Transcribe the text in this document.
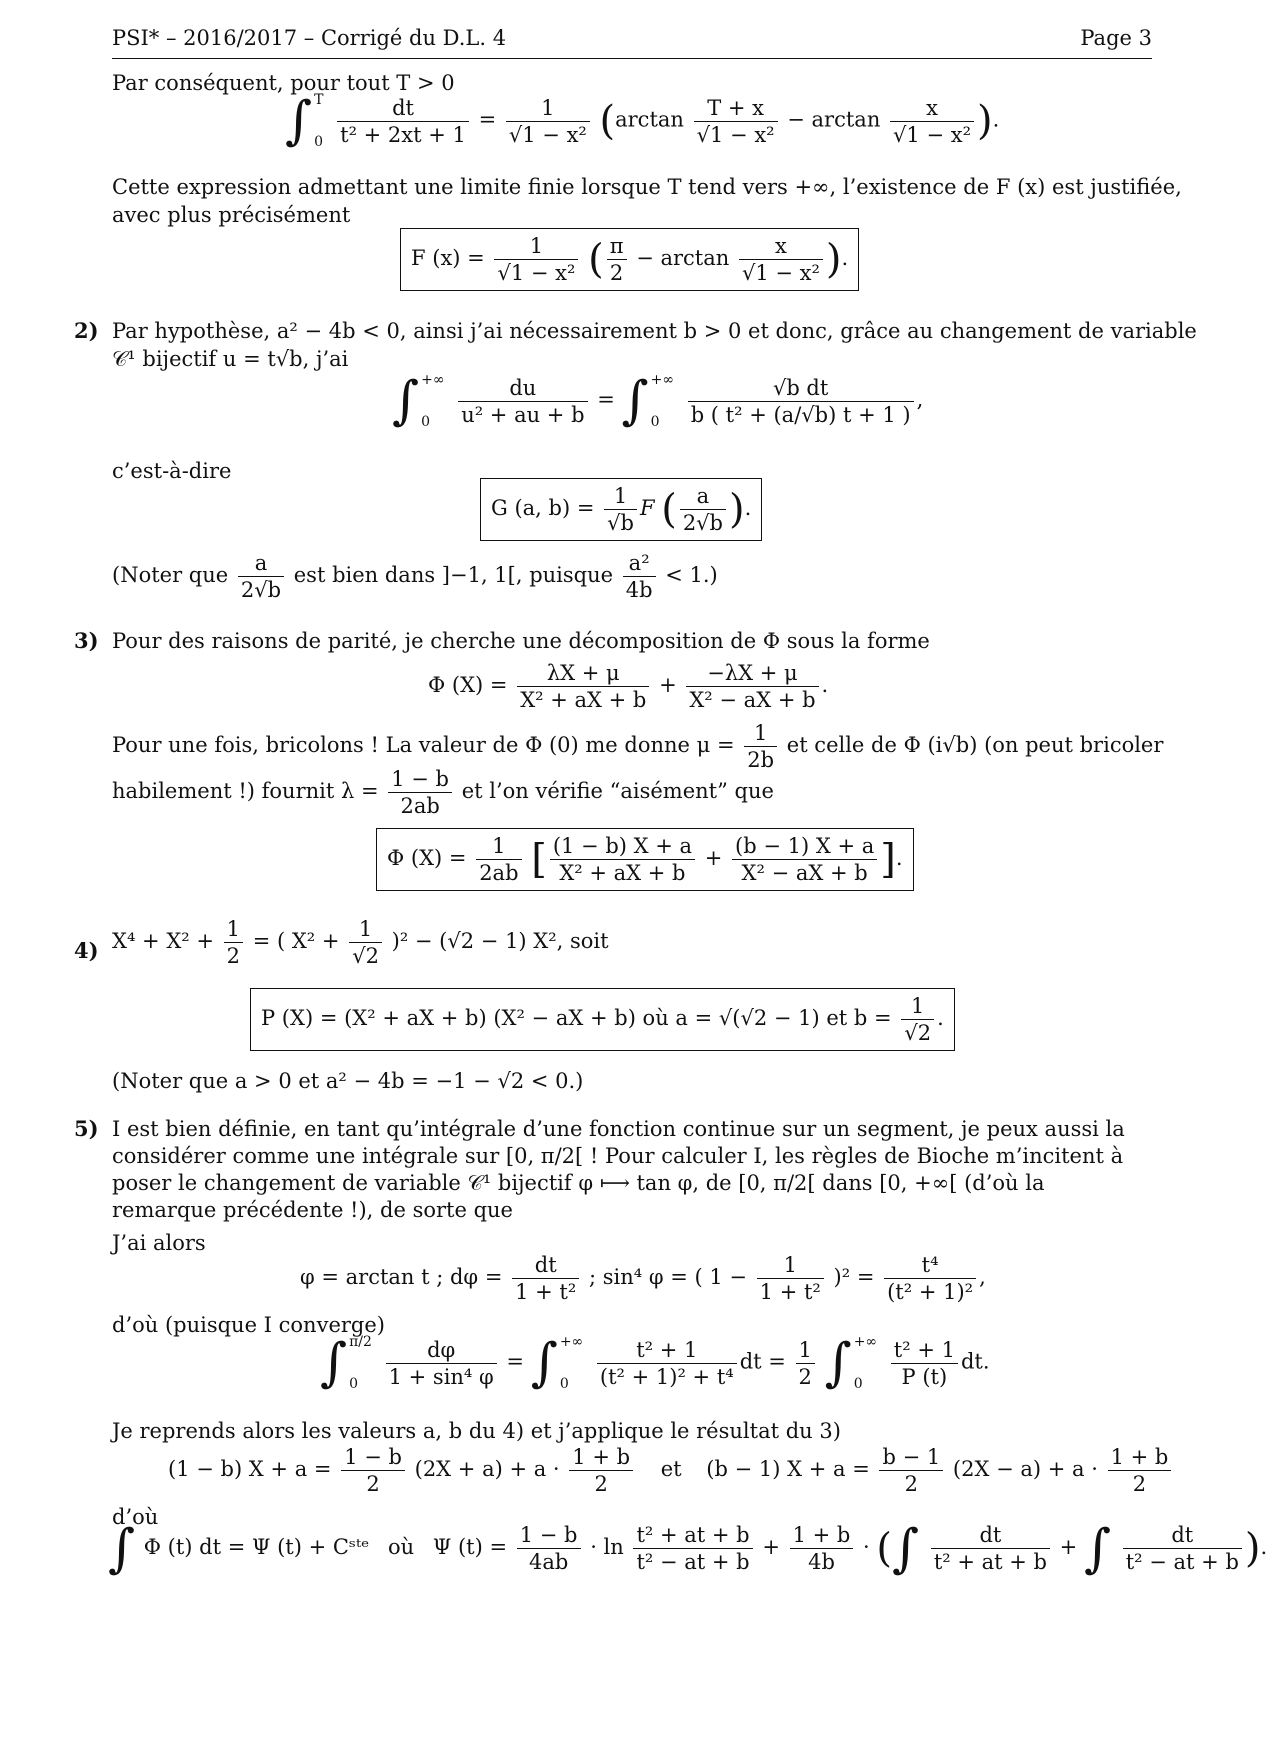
PSI* – 2016/2017 – Corrigé du D.L. 4	Page 3
Par conséquent, pour tout T > 0
∫ T
0
$\frac{dt}{\text{t² + 2xt + 1}} = \frac{1}{\text{√1 − x²}} (\arctan \frac{T + x}{\text{√1 − x²}} - \arctan \frac{x}{\text{√1 − x²}}$ ).
Cette expression admettant une limite finie lorsque T tend vers +∞, l’existence de F (x) est justifiée,
avec plus précisément
F $(x) = \frac{1}{\text{√1 − x²}}$ ( $\frac{\pi}{2} - \arctan \frac{x}{\text{√1 − x²}}$ ).
2) Par hypothèse, a² − 4b < 0, ainsi j’ai nécessairement b > 0 et donc, grâce au changement de variable
𝒞¹ bijectif u = t√b, j’ai
∫ +∞
0
	$\frac{du}{\text{u² + au + b}}$ = ∫ +∞
0
	$\frac{\text{√b dt}}{\text{b ( t² + (a/√b) t + 1 )}}$ ,
c’est-à-dire
G (a, $b) = \frac{1}{√b}$ F ( $\frac{a}{2√b}$ ).
(Noter que $\frac{a}{2√b}$ est bien dans ]−1, 1[, puisque $\frac{\text{a²}}{4b} < 1$.)
3) Pour des raisons de parité, je cherche une décomposition de Φ sous la forme
Φ $(X) = \frac{\lambda X + \mu}{\text{X² + aX + b}} + \frac{-\lambda X + \mu}{\text{X² − aX + b}}$ .
Pour une fois, bricolons ! La valeur de Φ (0) me donne $\mu = \frac{1}{2b}$ et celle de Φ (i√b) (on peut bricoler
habilement !) fournit $\lambda = \frac{1 - b}{2ab}$ et l’on vérifie “aisément” que
Φ $(X) = \frac{1}{2ab}$ [ $\frac{(1 - b) X + a}{\text{X² + aX + b}} + \frac{(b - 1) X + a}{\text{X² − aX + b}}$ ].
4) $X^4 + X^2 + \frac{1}{2}$ = ( $X^2 + \frac{1}{√2} )^2 - (√2 - 1)$ X², soit
P (X) = (X² + aX + b) (X² − aX + b) où a = √(√2 − 1) et $b = \frac{1}{√2}$ .
(Noter que a > 0 et a² − 4b = −1 − √2 < 0.)
5) I est bien définie, en tant qu’intégrale d’une fonction continue sur un segment, je peux aussi la considérer comme une intégrale sur [0, π/2[ ! Pour calculer I, les règles de Bioche m’incitent à poser le changement de variable 𝒞¹ bijectif φ ⟼ tan φ, de [0, π/2[ dans [0, +∞[ (d’où la remarque précédente !), de sorte que
J’ai alors
φ = arctan t ; $d\varphi = \frac{dt}{\text{1 + t²}}$ ; sin⁴ φ = ( $1 - \frac{1}{\text{1 + t²}} )^2 = \frac{\text{t⁴}}{\text{(t² + 1)²}}$ ,
d’où (puisque I converge)
∫ π/2
0
	$\frac{d\varphi}{\text{1 + sin⁴ φ}}$ = ∫ +∞
0
	$\frac{\text{t² + 1}}{\text{(t² + 1)² + t⁴}}$ dt = $\frac{1}{2}$ ∫ +∞
0
	$\frac{\text{t² + 1}}{P (t)}$ dt.
Je reprends alors les valeurs a, b du 4) et j’applique le résultat du 3)
(1 − b) $X + a = \frac{1 - b}{2} (2X + a) + a \cdot \frac{1 + b}{2}$ et (b − 1) $X + a = \frac{b - 1}{2} (2X - a) + a \cdot \frac{1 + b}{2}$
d’où
∫ Φ (t) dt = Ψ (t) + Cˢᵗᵉ où Ψ $(t) = \frac{1 - b}{4ab} \cdot \ln \frac{\text{t² + at + b}}{\text{t² − at + b}} + \frac{1 + b}{4b}$ · (∫ $\frac{dt}{\text{t² + at + b}}$ + ∫ $\frac{dt}{\text{t² − at + b}}$ ).
